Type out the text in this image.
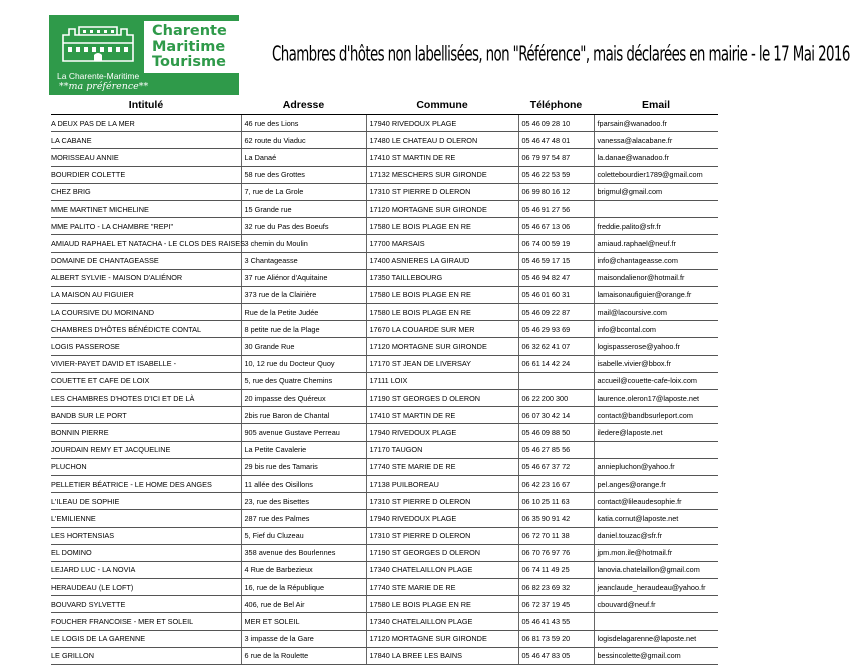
Charente
Maritime
Tourisme
La Charente-Maritime
**ma préférence**
Chambres d'hôtes non labellisées, non "Référence", mais déclarées en mairie - le 17 Mai 2016
Intitulé	Adresse	Commune	Téléphone	Email
A DEUX PAS DE LA MER	46 rue des Lions	17940 RIVEDOUX PLAGE	05 46 09 28 10	fparsain@wanadoo.fr
LA CABANE	62 route du Viaduc	17480 LE CHATEAU D OLERON	05 46 47 48 01	vanessa@alacabane.fr
MORISSEAU ANNIE	La Danaé	17410 ST MARTIN DE RE	06 79 97 54 87	la.danae@wanadoo.fr
BOURDIER COLETTE	58 rue des Grottes	17132 MESCHERS SUR GIRONDE	05 46 22 53 59	colettebourdier1789@gmail.com
CHEZ BRIG	7, rue de La Grole	17310 ST PIERRE D OLERON	06 99 80 16 12	brigmul@gmail.com
MME MARTINET MICHELINE	15 Grande rue	17120 MORTAGNE SUR GIRONDE	05 46 91 27 56	
MME PALITO - LA CHAMBRE "REPI"	32 rue du Pas des Boeufs	17580 LE BOIS PLAGE EN RE	05 46 67 13 06	freddie.palito@sfr.fr
AMIAUD RAPHAEL ET NATACHA - LE CLOS DES RAISES	3 chemin du Moulin	17700 MARSAIS	06 74 00 59 19	amiaud.raphael@neuf.fr
DOMAINE DE CHANTAGEASSE	3 Chantageasse	17400 ASNIERES LA GIRAUD	05 46 59 17 15	info@chantageasse.com
ALBERT SYLVIE - MAISON D'ALIÉNOR	37 rue Aliénor d'Aquitaine	17350 TAILLEBOURG	05 46 94 82 47	maisondalienor@hotmail.fr
LA MAISON AU FIGUIER	373 rue de la Clairière	17580 LE BOIS PLAGE EN RE	05 46 01 60 31	lamaisonaufiguier@orange.fr
LA COURSIVE DU MORINAND	Rue de la Petite Judée	17580 LE BOIS PLAGE EN RE	05 46 09 22 87	mail@lacoursive.com
CHAMBRES D'HÔTES BÉNÉDICTE CONTAL	8 petite rue de la Plage	17670 LA COUARDE SUR MER	05 46 29 93 69	info@bcontal.com
LOGIS PASSEROSE	30 Grande Rue	17120 MORTAGNE SUR GIRONDE	06 32 62 41 07	logispasserose@yahoo.fr
VIVIER-PAYET DAVID ET ISABELLE -	10, 12 rue du Docteur Quoy	17170 ST JEAN DE LIVERSAY	06 61 14 42 24	isabelle.vivier@bbox.fr
COUETTE ET CAFE DE LOIX	5, rue des Quatre Chemins	17111 LOIX		accueil@couette-cafe-loix.com
LES CHAMBRES D'HOTES D'ICI ET DE LÀ	20 impasse des Quéreux	17190 ST GEORGES D OLERON	06 22 200 300	laurence.oleron17@laposte.net
BANDB SUR LE PORT	2bis rue Baron de Chantal	17410 ST MARTIN DE RE	06 07 30 42 14	contact@bandbsurleport.com
BONNIN PIERRE	905 avenue Gustave Perreau	17940 RIVEDOUX PLAGE	05 46 09 88 50	iledere@laposte.net
JOURDAIN REMY ET JACQUELINE	La Petite Cavalerie	17170 TAUGON	05 46 27 85 56	
PLUCHON	29 bis rue des Tamaris	17740 STE MARIE DE RE	05 46 67 37 72	anniepluchon@yahoo.fr
PELLETIER BÉATRICE - LE HOME DES ANGES	11 allée des Oisillons	17138 PUILBOREAU	06 42 23 16 67	pel.anges@orange.fr
L'ILEAU DE SOPHIE	23, rue des Bisettes	17310 ST PIERRE D OLERON	06 10 25 11 63	contact@lileaudesophie.fr
L'EMILIENNE	287 rue des Palmes	17940 RIVEDOUX PLAGE	06 35 90 91 42	katia.cornut@laposte.net
LES HORTENSIAS	5, Fief du Cluzeau	17310 ST PIERRE D OLERON	06 72 70 11 38	daniel.touzac@sfr.fr
EL DOMINO	358 avenue des Bourlennes	17190 ST GEORGES D OLERON	06 70 76 97 76	jpm.mon.ile@hotmail.fr
LEJARD LUC - LA NOVIA	4 Rue de Barbezieux	17340 CHATELAILLON PLAGE	06 74 11 49 25	lanovia.chatelaillon@gmail.com
HERAUDEAU (LE LOFT)	16, rue de la République	17740 STE MARIE DE RE	06 82 23 69 32	jeanclaude_heraudeau@yahoo.fr
BOUVARD SYLVETTE	406, rue de Bel Air	17580 LE BOIS PLAGE EN RE	06 72 37 19 45	cbouvard@neuf.fr
FOUCHER FRANCOISE - MER ET SOLEIL	MER ET SOLEIL	17340 CHATELAILLON PLAGE	05 46 41 43 55	
LE LOGIS DE LA GARENNE	3 impasse de la Gare	17120 MORTAGNE SUR GIRONDE	06 81 73 59 20	logisdelagarenne@laposte.net
LE GRILLON	6 rue de la Roulette	17840 LA BREE LES BAINS	05 46 47 83 05	bessincolette@gmail.com
